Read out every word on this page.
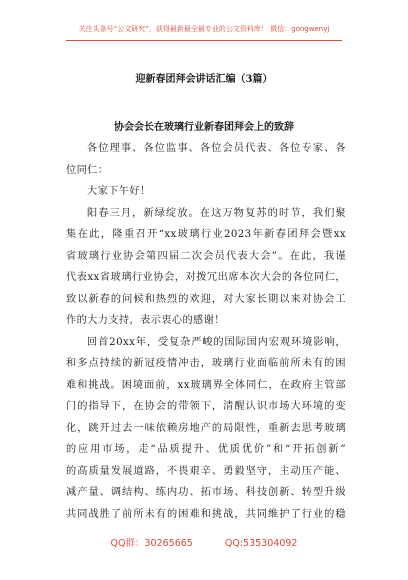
关注头条号“公文研究”，获得最新最全最专业的公文资料库！ 微信：gongwenyj
迎新春团拜会讲话汇编（3篇）
协会会长在玻璃行业新春团拜会上的致辞
各位理事、各位监事、各位会员代表、各位专家、各
位同仁：
大家下午好！
阳春三月，新绿绽放。在这万物复苏的时节，我们聚
集在此，隆重召开“xx玻璃行业2023年新春团拜会暨xx
省玻璃行业协会第四届二次会员代表大会”。在此，我谨
代表xx省玻璃行业协会，对拨冗出席本次大会的各位同仁，
致以新春的问候和热烈的欢迎，对大家长期以来对协会工
作的大力支持，表示衷心的感谢！
回首20xx年，受复杂严峻的国际国内宏观环境影响，
和多点持续的新冠疫情冲击，玻璃行业面临前所未有的困
难和挑战。困境面前，xx玻璃界全体同仁，在政府主管部
门的指导下，在协会的带领下，清醒认识市场大环境的变
化，跳开过去一味依赖房地产的局限性，重新去思考玻璃
的应用市场，走“品质提升、优质优价”和“开拓创新”
的高质量发展道路，不畏艰辛、勇毅坚守，主动压产能、
减产量、调结构、练内功、拓市场、科技创新、转型升级
共同战胜了前所未有的困难和挑战，共同维护了行业的稳
QQ群：30265665	QQ:535304092
